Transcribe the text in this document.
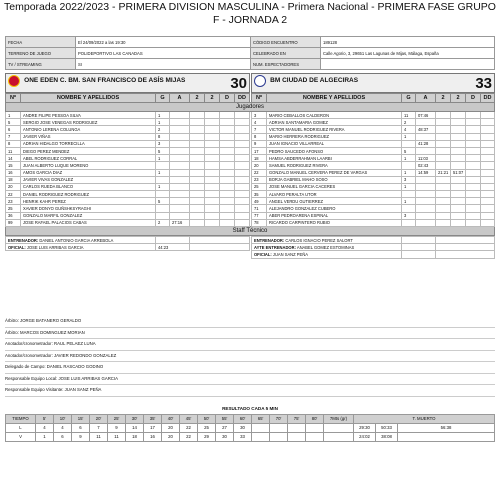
Temporada 2022/2023 - PRIMERA DIVISION MASCULINA - Primera Nacional - PRIMERA FASE GRUPO F - JORNADA 2
FECHA	El 24/09/2022 a las 19:30	CÓDIGO ENCUENTRO	189128
TERRENO DE JUEGO	POLIDEPORTIVO LAS CANADAS	CELEBRADO EN	Calle Agorio, 3, 29651 Las Lagunas de Mijas, Málaga, España
TV / STREAMING	SI	NUM. ESPECTADORES	
ONE EDEN C. BM. SAN FRANCISCO DE ASÍS MIJAS	30		BM CIUDAD DE ALGECIRAS	33
Nº	NOMBRE Y APELLIDOS	G	A	2	2	D	DD		Nº	NOMBRE Y APELLIDOS	G	A	2	2	D	DD
Jugadores																
1	ANDRE FILIPE PESSOA SILVA	1							3	MARIO CEBALLOS CALDERON	11	07:46				
5	SERGIO JOSE VENEGAS RODRIGUEZ	1							4	ADRIAN SANTAMARIA GOMEZ	2					
6	ANTONIO LERENA COLUNGA	2							7	VICTOR MANUEL RODRIGUEZ RIVERA	4	48:37				
7	JAVIER VIÑAS	8							8	MARIO HERRERA RODRIGUEZ	1					
8	ADRIAN HIDALGO TORRECILLA	3							9	JUAN IGNACIO VILLARREAL		41:28				
11	DIEGO PEREZ MENDEZ	5							17	PEDRO SAUCEDO AFONSO	5					
14	ABEL RODRIGUEZ CORRAL	1							18	HAMSA ABDERRAHMAN LAARBI	1	11:03				
15	JUAN ALBERTO LUQUE MORENO								20	SAMUEL RODRIGUEZ RIVERA		02:43				
16	AMOS GARCIA DIAZ	1							22	GONZALO MANUEL CERVERA PEREZ DE VARGAS	1	14:59	21:21	51:07		
18	JAVIER VIVAS GONZALEZ								23	BORJA GABRIEL MAHO SOSO	3					
20	CARLOS RUEDA BLANCO	1							25	JOSE MANUEL GARCIA CACERES	1					
22	DANIEL RODRIGUEZ RODRIGUEZ								35	ALVARO PERALTA UTOR						
23	HENRIK KAHR PEREZ	5							49	ANGEL VERDU GUTIERREZ	1					
25	XAVIER DONYO GUÑSHKSYRAGHI								71	ALEJANDRO GONZALEZ CUBERO						
36	GONZALO MARFIL GONZALEZ								77	ABER PEDROARENA ESPINAL	3					
99	JOSE RAFAEL PALACIOS CABAS	2	27:16						78	RICARDO CARPINTERO RUBIO						
Staff Técnico																
ENTRENADOR: DANIEL ANTONIO GARCIA ARREBOLA				ENTRENADOR: CARLOS IGNACIO PEREZ SALORT		
OFICIAL: JOSE LUIS ARRIBAS GARCIA	44:23			AYTE ENTRENADOR: ANABEL GOMEZ ESTOMINAS		
				OFICIAL: JUAN SANZ PEÑA		
Árbitro: JORGE BATANERO GERALDO
Árbitro: MARCOS DOMINGUEZ MORIAN
Anotador/cronometrador: RAUL PELAEZ LUNA
Anotador/cronometrador: JAVIER REDONDO GONZALEZ
Delegado de Campo: DANIEL RASCADO GODINO
Responsable Equipo Local: JOSE LUIS ARRIBAS GARCIA
Responsable Equipo Visitante: JUAN SANZ PEÑA
RESULTADO CADA 5 MIN
TIEMPO	5'	10'	15'	20'	25'	30'	35'	40'	45'	50'	55'	60'	65'	70'	75'	80'	7Mts (gr)	T. MUERTO		
L	4	4	6	7	9	14	17	20	22	25	27	30						29:30	50:33	56:38
V	1	6	9	11	11	18	16	20	22	29	30	33						24:02	38:08	
